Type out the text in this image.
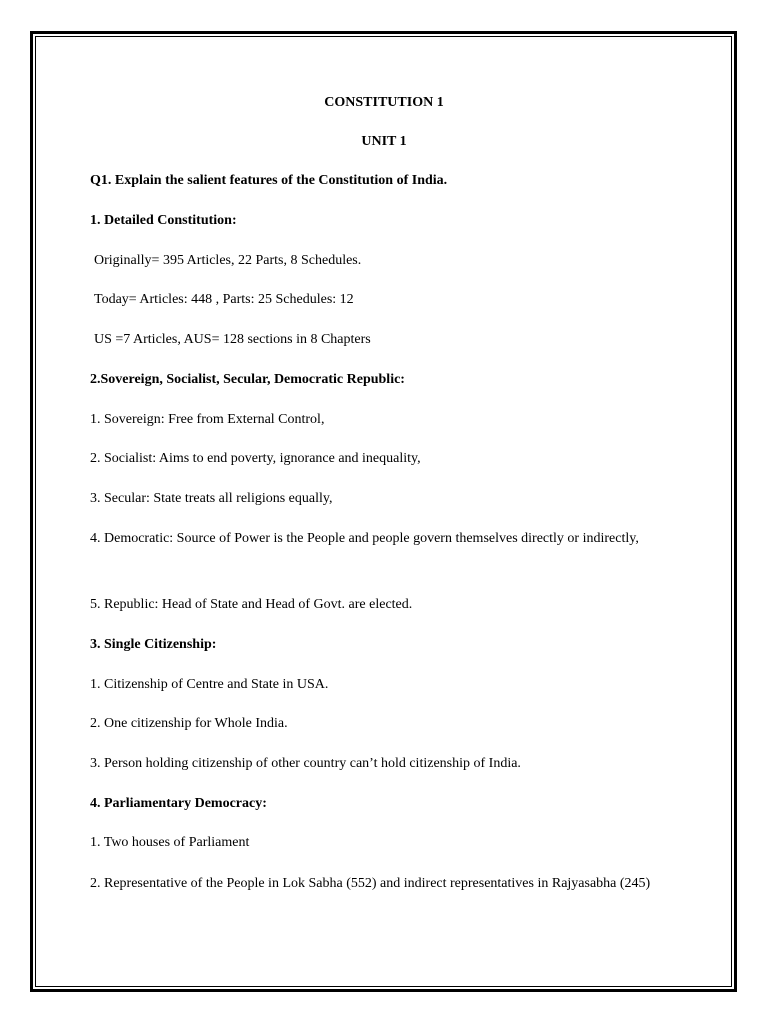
CONSTITUTION 1
UNIT 1
Q1. Explain the salient features of the Constitution of India.
1. Detailed Constitution:
Originally= 395 Articles, 22 Parts, 8 Schedules.
Today= Articles: 448 , Parts: 25 Schedules: 12
US =7 Articles, AUS= 128 sections in 8 Chapters
2.Sovereign, Socialist, Secular, Democratic Republic:
1. Sovereign: Free from External Control,
2. Socialist: Aims to end poverty, ignorance and inequality,
3. Secular: State treats all religions equally,
4. Democratic: Source of Power is the People and people govern themselves directly or indirectly,
5. Republic: Head of State and Head of Govt. are elected.
3. Single Citizenship:
1. Citizenship of Centre and State in USA.
2. One citizenship for Whole India.
3. Person holding citizenship of other country can’t hold citizenship of India.
4. Parliamentary Democracy:
1. Two houses of Parliament
2. Representative of the People in Lok Sabha (552) and indirect representatives in Rajyasabha (245)
